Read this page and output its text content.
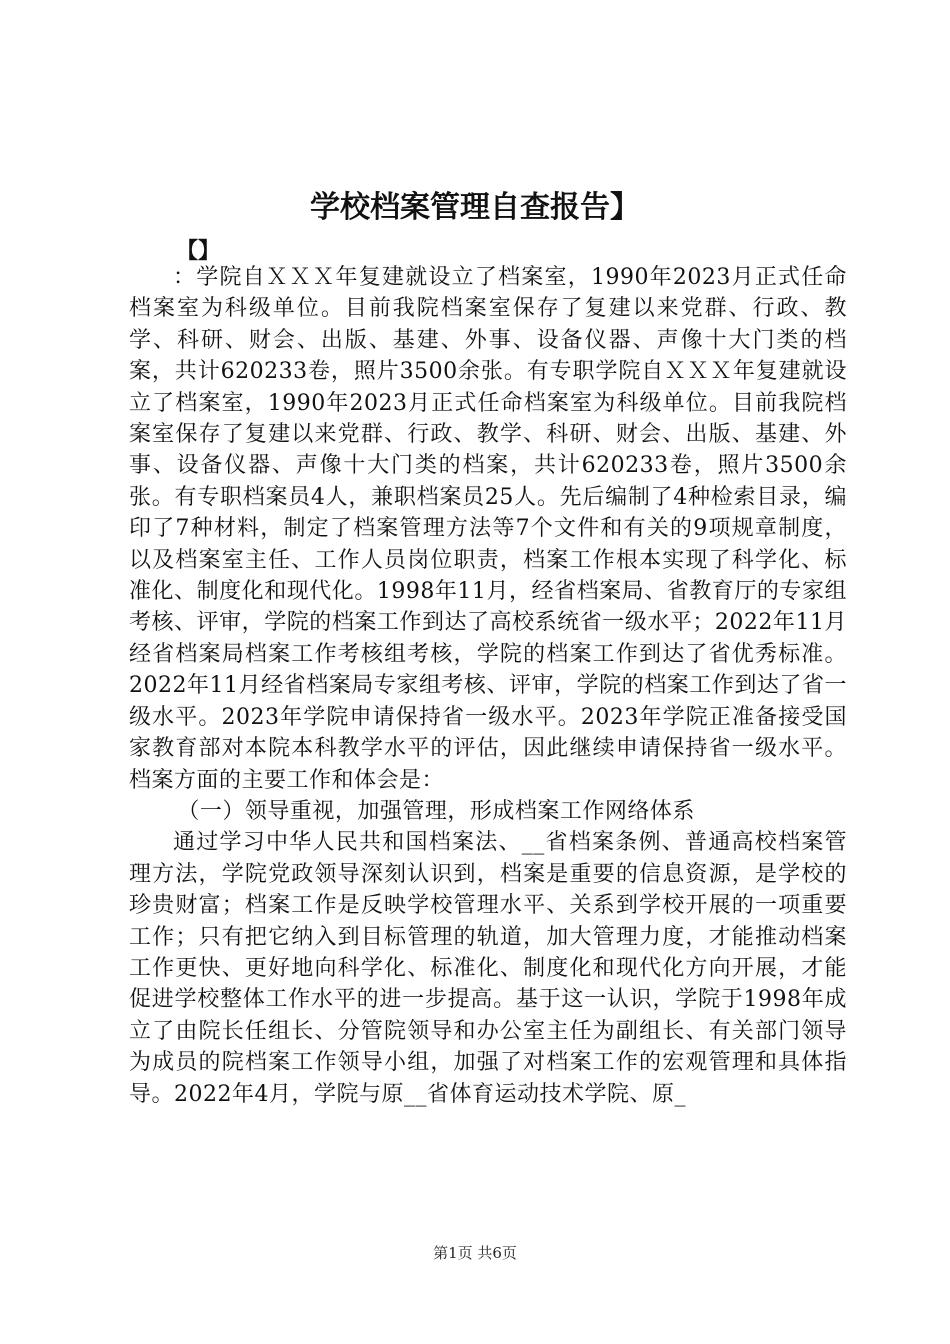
学校档案管理自查报告】
【】

：学院自ＸＸＸ年复建就设立了档案室，1990年2023月正式任命档案室为科级单位。目前我院档案室保存了复建以来党群、行政、教学、科研、财会、出版、基建、外事、设备仪器、声像十大门类的档案，共计620233卷，照片3500余张。有专职学院自ＸＸＸ年复建就设立了档案室，1990年2023月正式任命档案室为科级单位。目前我院档案室保存了复建以来党群、行政、教学、科研、财会、出版、基建、外事、设备仪器、声像十大门类的档案，共计620233卷，照片3500余张。有专职档案员4人，兼职档案员25人。先后编制了4种检索目录，编印了7种材料，制定了档案管理方法等7个文件和有关的9项规章制度，以及档案室主任、工作人员岗位职责，档案工作根本实现了科学化、标准化、制度化和现代化。1998年11月，经省档案局、省教育厅的专家组考核、评审，学院的档案工作到达了高校系统省一级水平；2022年11月经省档案局档案工作考核组考核，学院的档案工作到达了省优秀标准。2022年11月经省档案局专家组考核、评审，学院的档案工作到达了省一级水平。2023年学院申请保持省一级水平。2023年学院正准备接受国家教育部对本院本科教学水平的评估，因此继续申请保持省一级水平。档案方面的主要工作和体会是：

（一）领导重视，加强管理，形成档案工作网络体系

通过学习中华人民共和国档案法、__省档案条例、普通高校档案管理方法，学院党政领导深刻认识到，档案是重要的信息资源，是学校的珍贵财富；档案工作是反映学校管理水平、关系到学校开展的一项重要工作；只有把它纳入到目标管理的轨道，加大管理力度，才能推动档案工作更快、更好地向科学化、标准化、制度化和现代化方向开展，才能促进学校整体工作水平的进一步提高。基于这一认识，学院于1998年成立了由院长任组长、分管院领导和办公室主任为副组长、有关部门领导为成员的院档案工作领导小组，加强了对档案工作的宏观管理和具体指导。2022年4月，学院与原__省体育运动技术学院、原_

第1页 共6页
